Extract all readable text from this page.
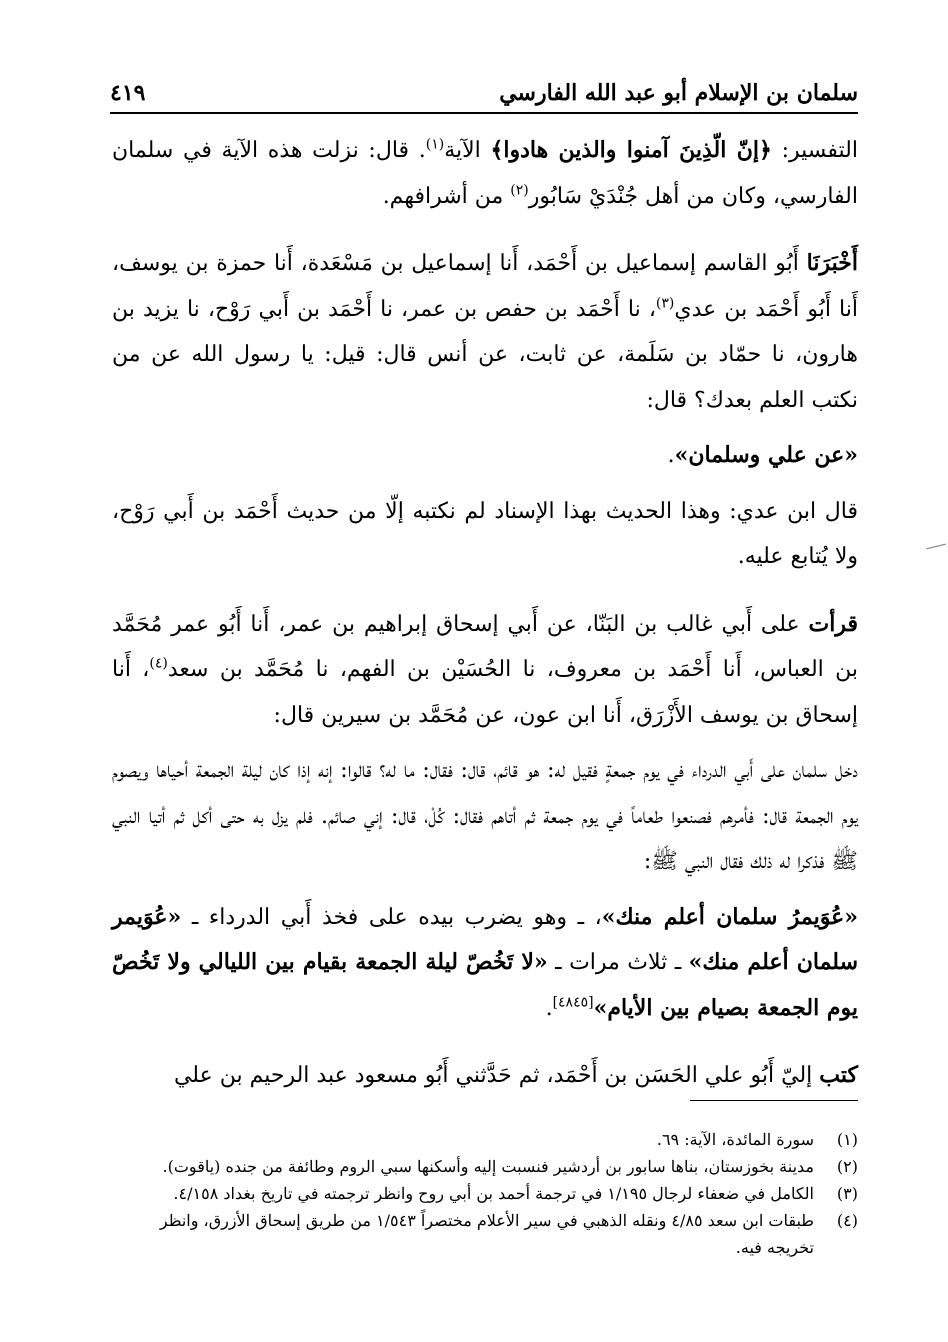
سلمان بن الإسلام أبو عبد الله الفارسي
٤١٩

التفسير: ﴿إنّ الّذِينَ آمنوا والذين هادوا﴾ الآية$^{(١)}$. قال: نزلت هذه الآية في سلمان الفارسي، وكان من أهل جُنْدَيْ سَابُور$^{(٢)}$ من أشرافهم.

أَخْبَرَنَا أَبُو القاسم إسماعيل بن أَحْمَد، أَنا إسماعيل بن مَسْعَدة، أَنا حمزة بن يوسف، أَنا أَبُو أَحْمَد بن عدي$^{(٣)}$، نا أَحْمَد بن حفص بن عمر، نا أَحْمَد بن أَبي رَوْح، نا يزيد بن هارون، نا حمّاد بن سَلَمة، عن ثابت، عن أنس قال: قيل: يا رسول الله عن من نكتب العلم بعدك؟ قال:

«عن علي وسلمان».

قال ابن عدي: وهذا الحديث بهذا الإسناد لم نكتبه إلّا من حديث أَحْمَد بن أَبي رَوْح، ولا يُتابع عليه.

قرأت على أَبي غالب بن البَنّا، عن أَبي إسحاق إبراهيم بن عمر، أَنا أَبُو عمر مُحَمَّد بن العباس، أَنا أَحْمَد بن معروف، نا الحُسَيْن بن الفهم، نا مُحَمَّد بن سعد$^{(٤)}$، أَنا إسحاق بن يوسف الأَزْرَق، أَنا ابن عون، عن مُحَمَّد بن سيرين قال:

دخل سلمان على أَبي الدرداء في يوم جمعةٍ فقيل له: هو قائم، قال: فقال: ما له؟ قالوا: إنه إذا كان ليلة الجمعة أحياها ويصوم يوم الجمعة قال: فأمرهم فصنعوا طعاماً في يوم جمعة ثم أتاهم فقال: كُلْ، قال: إني صائم. فلم يزل به حتى أكل ثم أتيا النبي ﷺ فذكرا له ذلك فقال النبي ﷺ:

«عُوَيمرُ سلمان أعلم منك»، ـ وهو يضرب بيده على فخذ أَبي الدرداء ـ «عُوَيمر سلمان أعلم منك» ـ ثلاث مرات ـ «لا تَخُصّ ليلة الجمعة بقيام بين الليالي ولا تَخُصّ يوم الجمعة بصيام بين الأيام»[٤٨٤٥].

كتب إليّ أَبُو علي الحَسَن بن أَحْمَد، ثم حَدَّثني أَبُو مسعود عبد الرحيم بن علي

(١)
سورة المائدة، الآية: ٦٩.
(٢)
مدينة بخوزستان، بناها سابور بن أردشير فنسبت إليه وأسكنها سبي الروم وطائفة من جنده (ياقوت).
(٣)
الكامل في ضعفاء لرجال ١/١٩٥ في ترجمة أحمد بن أبي روح وانظر ترجمته في تاريخ بغداد ٤/١٥٨.
(٤)
طبقات ابن سعد ٤/٨٥ ونقله الذهبي في سير الأعلام مختصراً ١/٥٤٣ من طريق إسحاق الأزرق، وانظر تخريجه فيه.
